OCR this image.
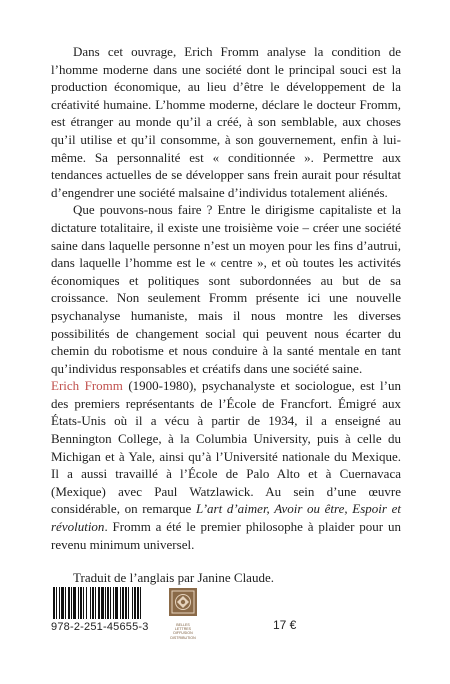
Dans cet ouvrage, Erich Fromm analyse la condition de l’homme moderne dans une société dont le principal souci est la production économique, au lieu d’être le développement de la créativité humaine. L’homme moderne, déclare le docteur Fromm, est étranger au monde qu’il a créé, à son semblable, aux choses qu’il utilise et qu’il consomme, à son gouvernement, enfin à lui-même. Sa personnalité est « conditionnée ». Permettre aux tendances actuelles de se développer sans frein aurait pour résultat d’engendrer une société malsaine d’individus totalement aliénés.

Que pouvons-nous faire ? Entre le dirigisme capitaliste et la dictature totalitaire, il existe une troisième voie – créer une société saine dans laquelle personne n’est un moyen pour les fins d’autrui, dans laquelle l’homme est le « centre », et où toutes les activités économiques et politiques sont subordonnées au but de sa croissance. Non seulement Fromm présente ici une nouvelle psychanalyse humaniste, mais il nous montre les diverses possibilités de changement social qui peuvent nous écarter du chemin du robotisme et nous conduire à la santé mentale en tant qu’individus responsables et créatifs dans une société saine.

Erich Fromm (1900-1980), psychanalyste et sociologue, est l’un des premiers représentants de l’École de Francfort. Émigré aux États-Unis où il a vécu à partir de 1934, il a enseigné au Bennington College, à la Columbia University, puis à celle du Michigan et à Yale, ainsi qu’à l’Université nationale du Mexique. Il a aussi travaillé à l’École de Palo Alto et à Cuernavaca (Mexique) avec Paul Watzlawick. Au sein d’une œuvre considérable, on remarque L’art d’aimer, Avoir ou être, Espoir et révolution. Fromm a été le premier philosophe à plaider pour un revenu minimum universel.

Traduit de l’anglais par Janine Claude.

978-2-251-45655-3	BELLES LETTRES DIFFUSION DISTRIBUTION
17 €
